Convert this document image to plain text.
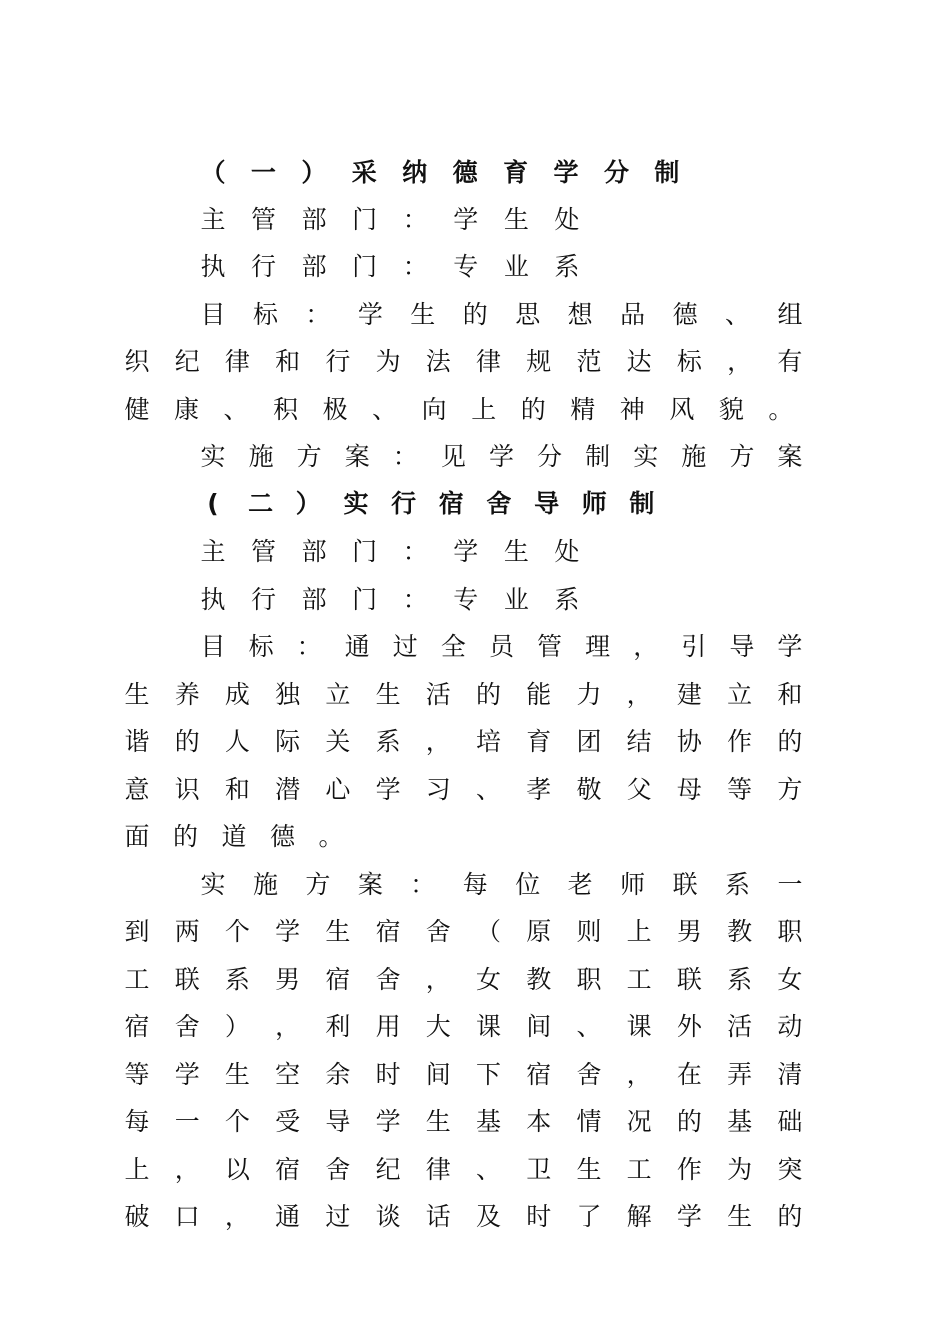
（ 一 ） 采 纳 德 育 学 分 制
主 管 部 门 ： 学 生 处
执 行 部 门 ： 专 业 系
目 标 ： 学 生 的 思 想 品 德 、 组
织 纪 律 和 行 为 法 律 规 范 达 标 ， 有
健 康 、 积 极 、 向 上 的 精 神 风 貌 。
实 施 方 案 ： 见 学 分 制 实 施 方 案
( 二 ） 实 行 宿 舍 导 师 制
主 管 部 门 ： 学 生 处
执 行 部 门 ： 专 业 系
目 标 ： 通 过 全 员 管 理 ， 引 导 学
生 养 成 独 立 生 活 的 能 力 ， 建 立 和
谐 的 人 际 关 系 ， 培 育 团 结 协 作 的
意 识 和 潜 心 学 习 、 孝 敬 父 母 等 方
面 的 道 德 。
实 施 方 案 ： 每 位 老 师 联 系 一
到 两 个 学 生 宿 舍 （ 原 则 上 男 教 职
工 联 系 男 宿 舍 ， 女 教 职 工 联 系 女
宿 舍 ） ， 利 用 大 课 间 、 课 外 活 动
等 学 生 空 余 时 间 下 宿 舍 ， 在 弄 清
每 一 个 受 导 学 生 基 本 情 况 的 基 础
上 ， 以 宿 舍 纪 律 、 卫 生 工 作 为 突
破 口 ， 通 过 谈 话 及 时 了 解 学 生 的
